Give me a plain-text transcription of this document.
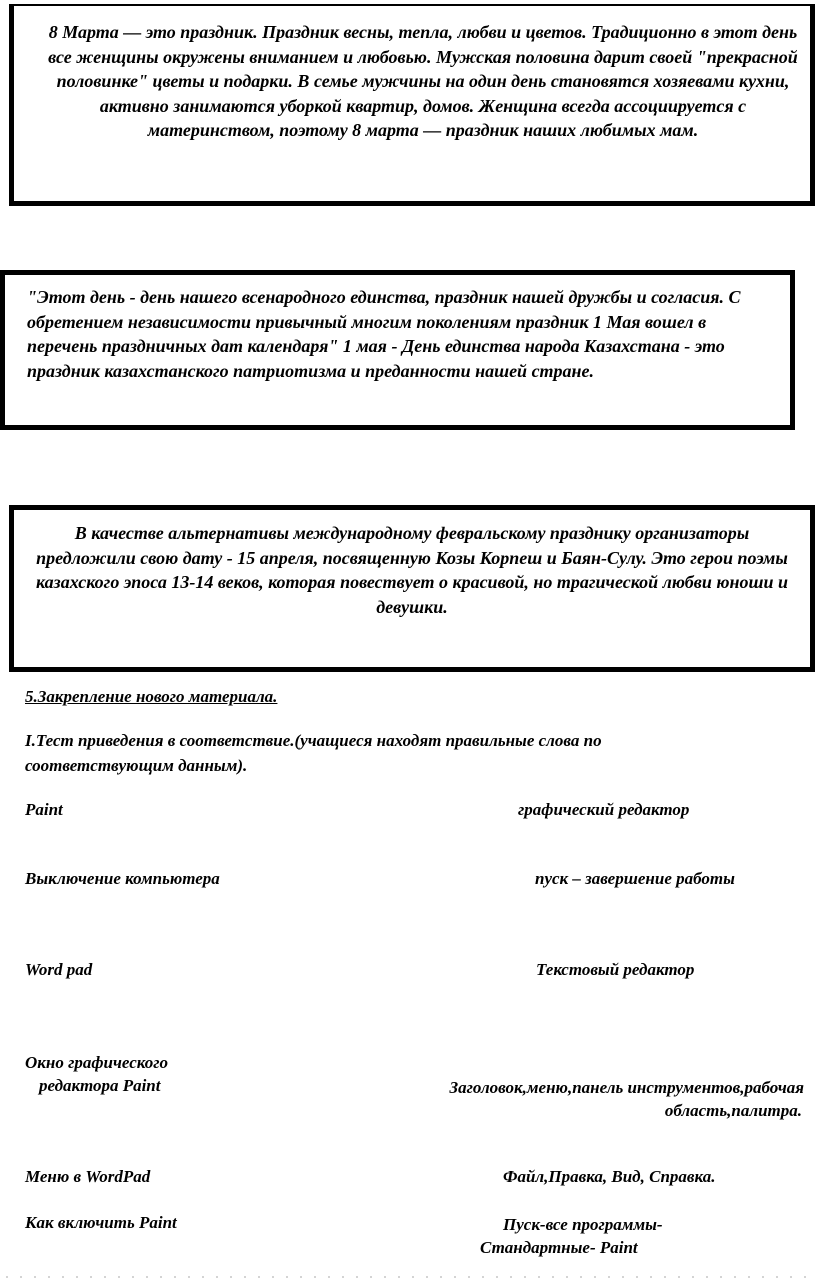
8 Марта — это праздник. Праздник весны, тепла, любви и цветов. Традиционно в этот день все женщины окружены вниманием и любовью. Мужская половина дарит своей "прекрасной половинке" цветы и подарки. В семье мужчины на один день становятся хозяевами кухни, активно занимаются уборкой квартир, домов. Женщина всегда ассоциируется с материнством, поэтому 8 марта — праздник наших любимых мам.

"Этот день - день нашего всенародного единства, праздник нашей дружбы и согласия. С обретением независимости привычный многим поколениям праздник 1 Мая вошел в перечень праздничных дат календаря" 1 мая - День единства народа Казахстана - это праздник казахстанского патриотизма и преданности нашей стране.

В качестве альтернативы международному февральскому празднику организаторы предложили свою дату - 15 апреля, посвященную Козы Корпеш и Баян-Сулу. Это герои поэмы казахского эпоса 13-14 веков, которая повествует о красивой, но трагической любви юноши и девушки.

5.Закрепление нового материала.
I.Тест приведения в соответствие.(учащиеся находят правильные слова по
соответствующим данным).
Paint	графический редактор
Выключение компьютера	пуск – завершение работы
Word pad	Текстовый редактор
Окно графического
редактора Paint	Заголовок,меню,панель инструментов,рабочая
область,палитра.
Меню в WordPad	Файл,Правка, Вид, Справка.
Как включить Paint	Пуск-все программы-
Стандартные- Paint
